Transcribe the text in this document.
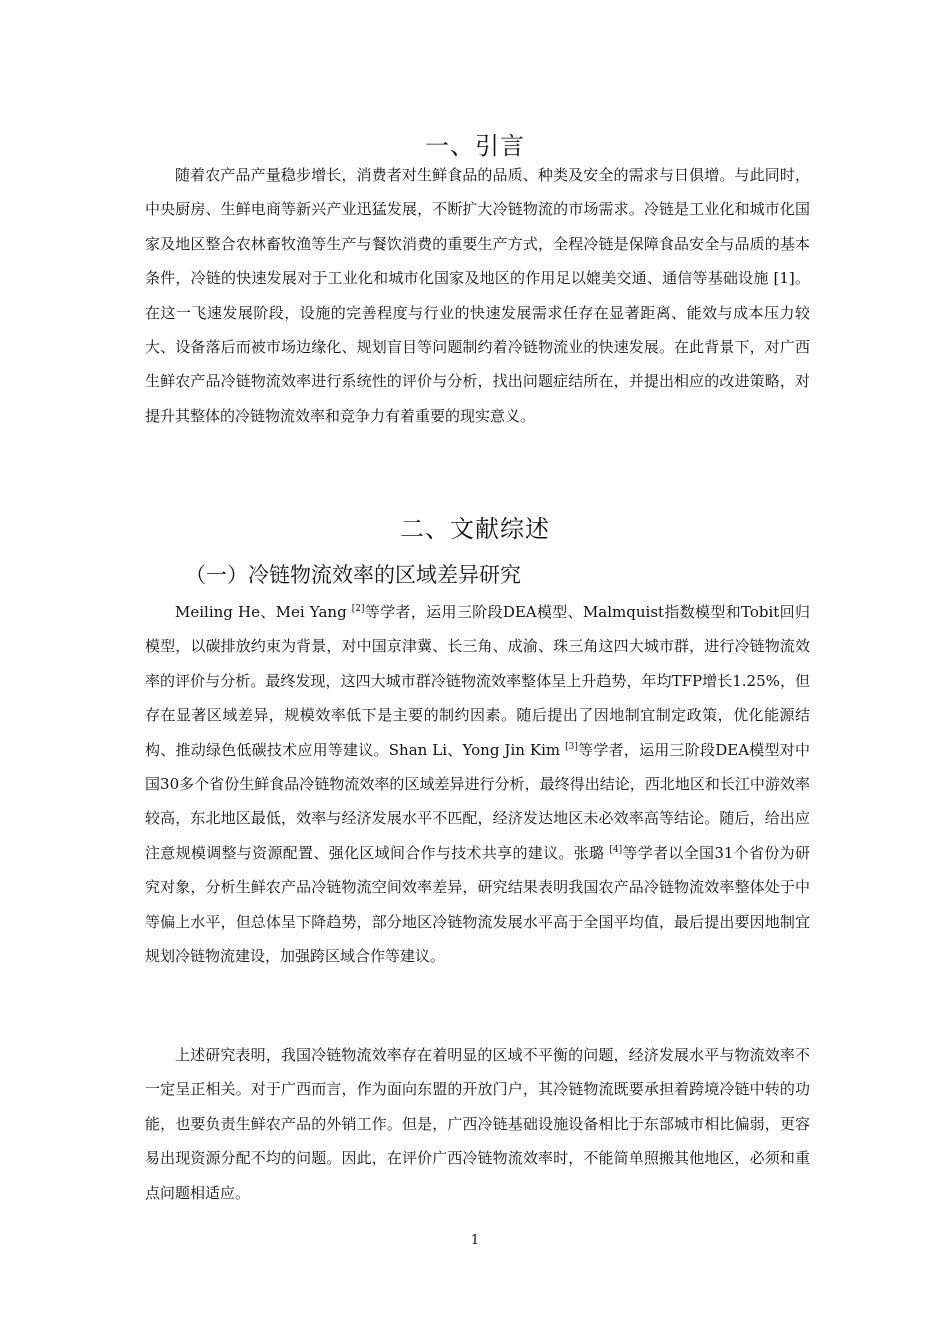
一、引言

随着农产品产量稳步增长，消费者对生鲜食品的品质、种类及安全的需求与日俱增。与此同时，中央厨房、生鲜电商等新兴产业迅猛发展，不断扩大冷链物流的市场需求。冷链是工业化和城市化国家及地区整合农林畜牧渔等生产与餐饮消费的重要生产方式，全程冷链是保障食品安全与品质的基本条件，冷链的快速发展对于工业化和城市化国家及地区的作用足以媲美交通、通信等基础设施 [1]。在这一飞速发展阶段，设施的完善程度与行业的快速发展需求任存在显著距离、能效与成本压力较大、设备落后而被市场边缘化、规划盲目等问题制约着冷链物流业的快速发展。在此背景下，对广西生鲜农产品冷链物流效率进行系统性的评价与分析，找出问题症结所在，并提出相应的改进策略，对提升其整体的冷链物流效率和竞争力有着重要的现实意义。

二、文献综述
（一）冷链物流效率的区域差异研究

Meiling He、Mei Yang [2]等学者，运用三阶段DEA模型、Malmquist指数模型和Tobit回归模型，以碳排放约束为背景，对中国京津冀、长三角、成渝、珠三角这四大城市群，进行冷链物流效率的评价与分析。最终发现，这四大城市群冷链物流效率整体呈上升趋势，年均TFP增长1.25%，但存在显著区域差异，规模效率低下是主要的制约因素。随后提出了因地制宜制定政策，优化能源结构、推动绿色低碳技术应用等建议。Shan Li、Yong Jin Kim [3]等学者，运用三阶段DEA模型对中国30多个省份生鲜食品冷链物流效率的区域差异进行分析，最终得出结论，西北地区和长江中游效率较高，东北地区最低，效率与经济发展水平不匹配，经济发达地区未必效率高等结论。随后，给出应注意规模调整与资源配置、强化区域间合作与技术共享的建议。张璐 [4]等学者以全国31个省份为研究对象，分析生鲜农产品冷链物流空间效率差异，研究结果表明我国农产品冷链物流效率整体处于中等偏上水平，但总体呈下降趋势，部分地区冷链物流发展水平高于全国平均值，最后提出要因地制宜规划冷链物流建设，加强跨区域合作等建议。

上述研究表明，我国冷链物流效率存在着明显的区域不平衡的问题，经济发展水平与物流效率不一定呈正相关。对于广西而言，作为面向东盟的开放门户，其冷链物流既要承担着跨境冷链中转的功能，也要负责生鲜农产品的外销工作。但是，广西冷链基础设施设备相比于东部城市相比偏弱，更容易出现资源分配不均的问题。因此，在评价广西冷链物流效率时，不能简单照搬其他地区，必须和重点问题相适应。

1
